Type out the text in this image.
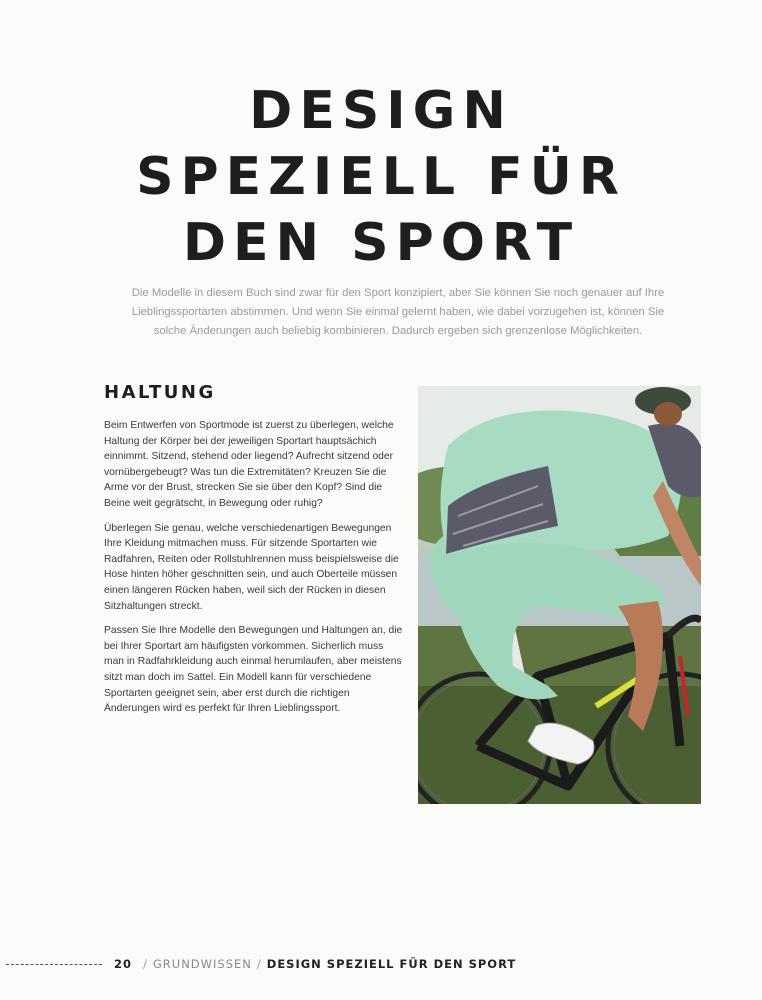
DESIGN
SPEZIELL FÜR
DEN SPORT
Die Modelle in diesem Buch sind zwar für den Sport konzipiert, aber Sie können Sie noch genauer auf Ihre Lieblingssportarten abstimmen. Und wenn Sie einmal gelernt haben, wie dabei vorzugehen ist, können Sie solche Änderungen auch beliebig kombinieren. Dadurch ergeben sich grenzenlose Möglichkeiten.
HALTUNG

Beim Entwerfen von Sportmode ist zuerst zu überlegen, welche Haltung der Körper bei der jeweiligen Sportart hauptsächich einnimmt. Sitzend, stehend oder liegend? Aufrecht sitzend oder vornübergebeugt? Was tun die Extremitäten? Kreuzen Sie die Arme vor der Brust, strecken Sie sie über den Kopf? Sind die Beine weit gegrätscht, in Bewegung oder ruhig?

Überlegen Sie genau, welche verschiedenartigen Bewegungen Ihre Kleidung mitmachen muss. Für sitzende Sportarten wie Radfahren, Reiten oder Rollstuhlrennen muss beispielsweise die Hose hinten höher geschnitten sein, und auch Oberteile müssen einen längeren Rücken haben, weil sich der Rücken in diesen Sitzhaltungen streckt.

Passen Sie Ihre Modelle den Bewegungen und Haltungen an, die bei Ihrer Sportart am häufigsten vorkommen. Sicherlich muss man in Radfahrkleidung auch einmal herumlaufen, aber meistens sitzt man doch im Sattel. Ein Modell kann für verschiedene Sportarten geeignet sein, aber erst durch die richtigen Änderungen wird es perfekt für Ihren Lieblingssport.

20 / GRUNDWISSEN / DESIGN SPEZIELL FÜR DEN SPORT
